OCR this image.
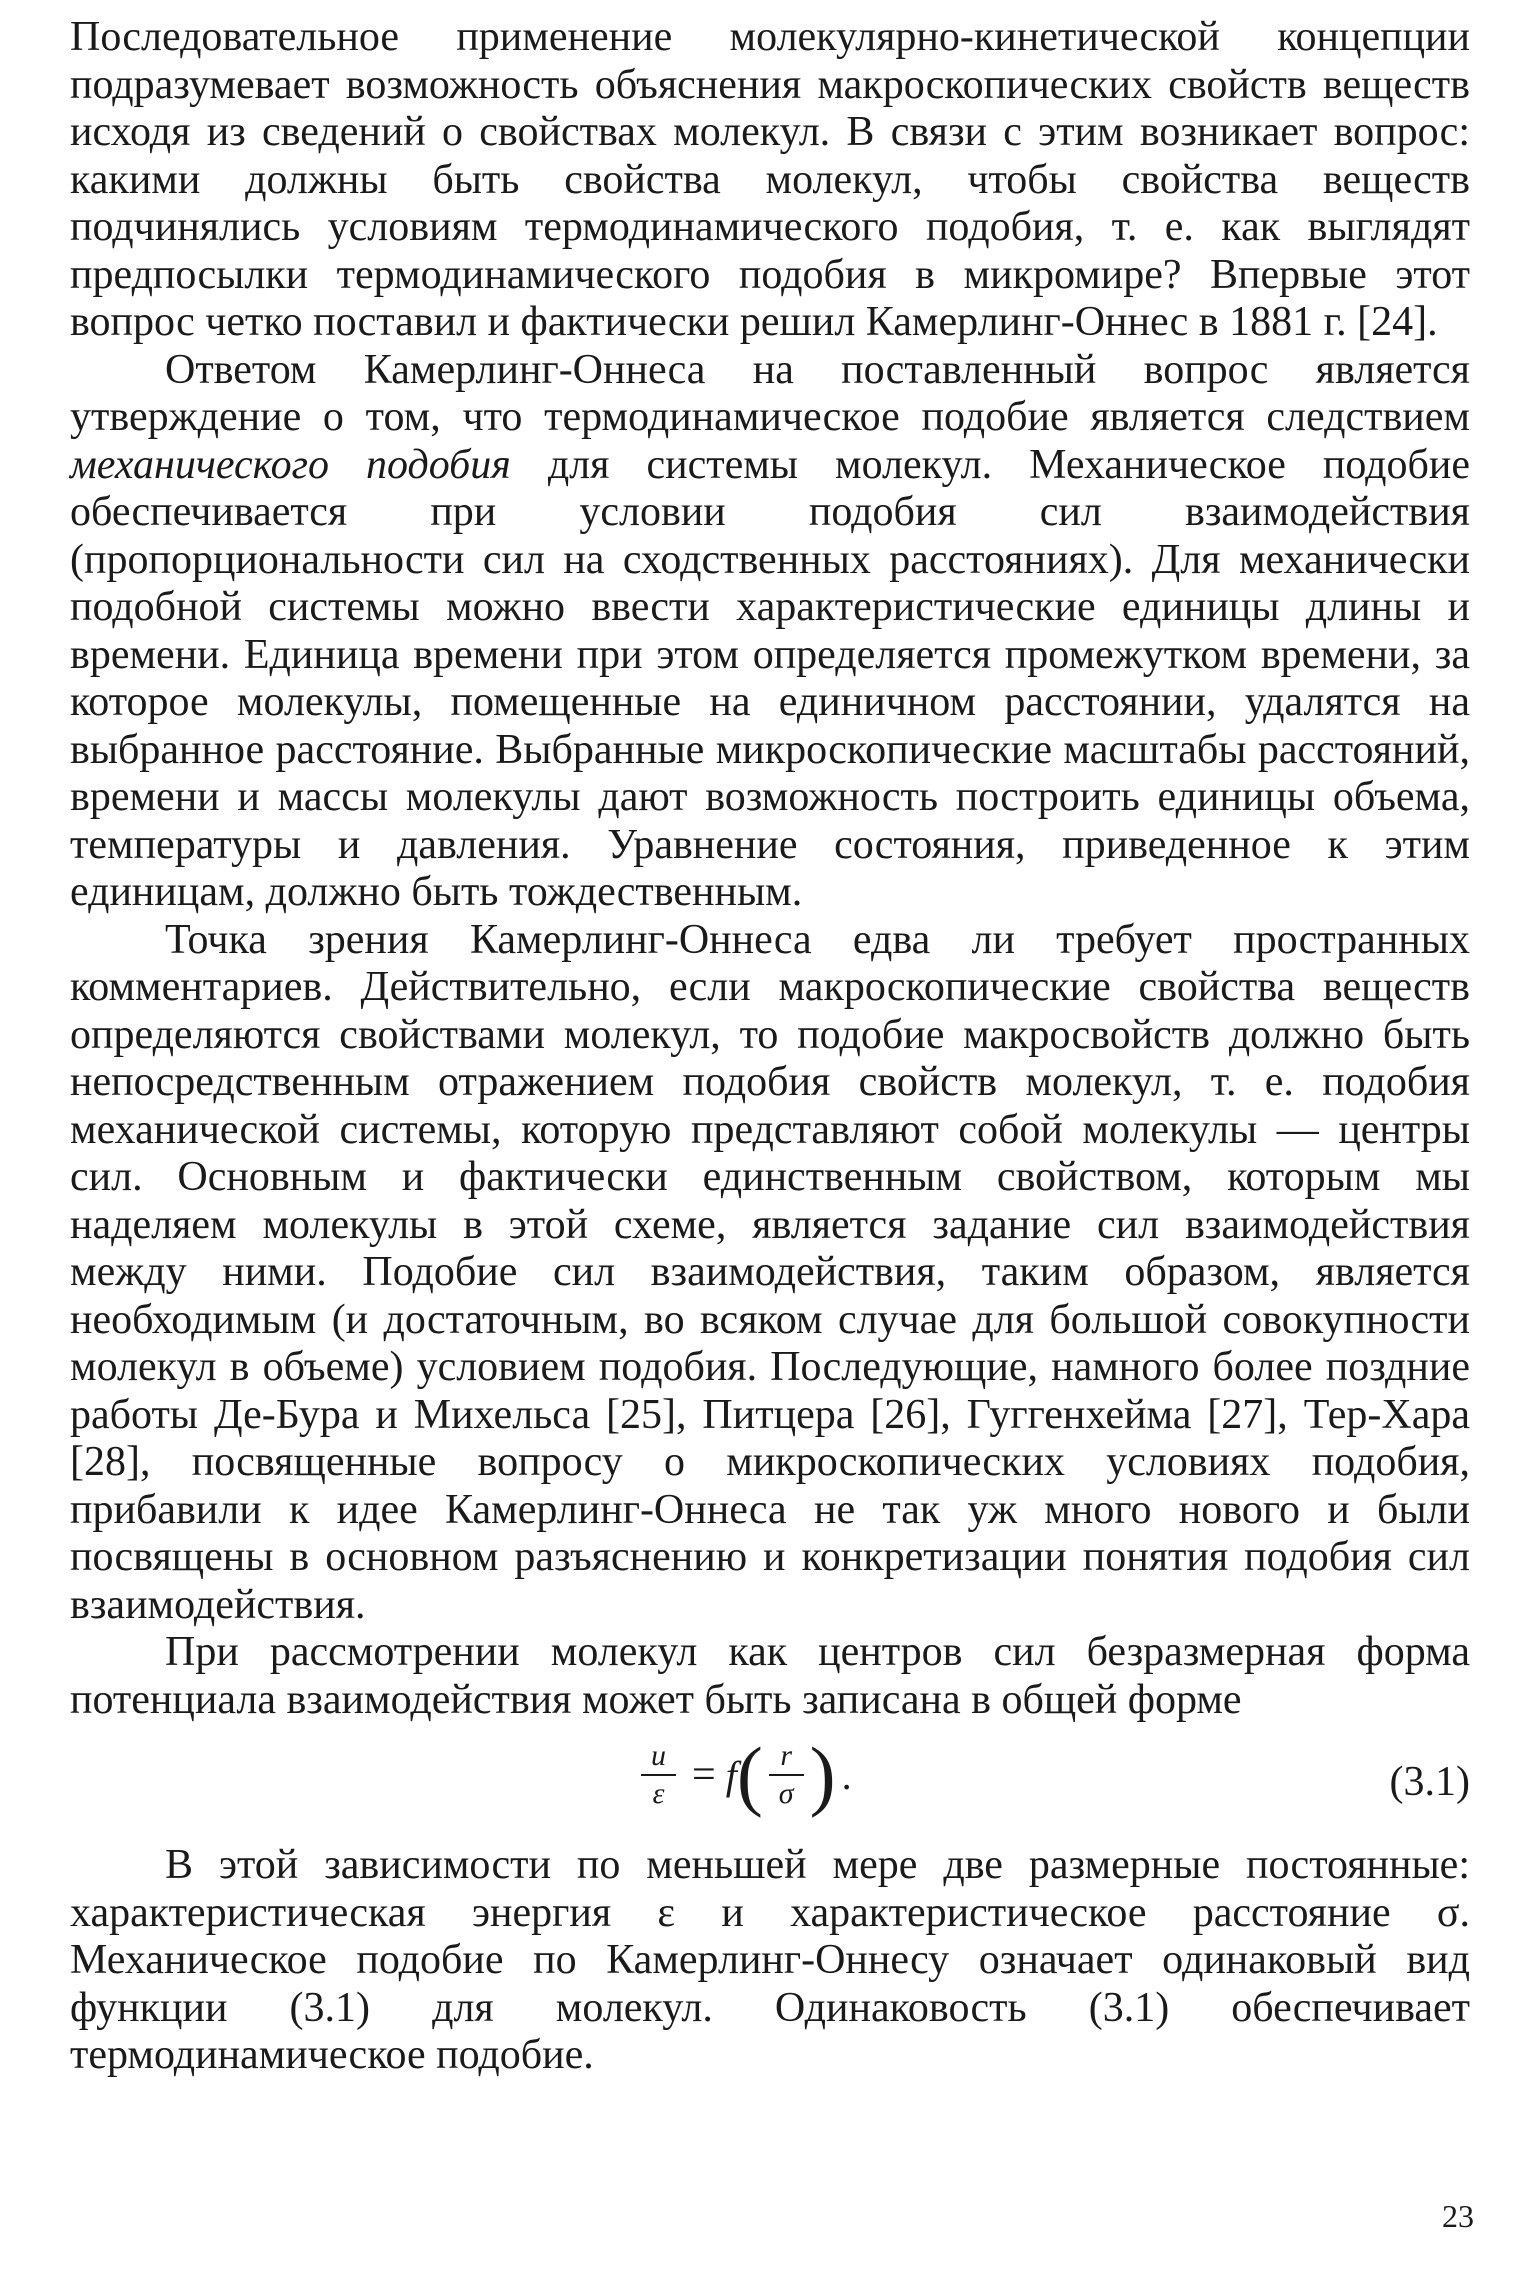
Последовательное применение молекулярно-кинетической концепции подразумевает возможность объяснения макроскопических свойств веществ исходя из сведений о свойствах молекул. В связи с этим возникает вопрос: какими должны быть свойства молекул, чтобы свойства веществ подчинялись условиям термодинамического подобия, т. е. как выглядят предпосылки термодинамического подобия в микромире? Впервые этот вопрос четко поставил и фактически решил Камерлинг-Оннес в 1881 г. [24].

Ответом Камерлинг-Оннеса на поставленный вопрос является утверждение о том, что термодинамическое подобие является следствием механического подобия для системы молекул. Механическое подобие обеспечивается при условии подобия сил взаимодействия (пропорциональности сил на сходственных расстояниях). Для механически подобной системы можно ввести характеристические единицы длины и времени. Единица времени при этом определяется промежутком времени, за которое молекулы, помещенные на единичном расстоянии, удалятся на выбранное расстояние. Выбранные микроскопические масштабы расстояний, времени и массы молекулы дают возможность построить единицы объема, температуры и давления. Уравнение состояния, приведенное к этим единицам, должно быть тождественным.

Точка зрения Камерлинг-Оннеса едва ли требует пространных комментариев. Действительно, если макроскопические свойства веществ определяются свойствами молекул, то подобие макросвойств должно быть непосредственным отражением подобия свойств молекул, т. е. подобия механической системы, которую представляют собой молекулы — центры сил. Основным и фактически единственным свойством, которым мы наделяем молекулы в этой схеме, является задание сил взаимодействия между ними. Подобие сил взаимодействия, таким образом, является необходимым (и достаточным, во всяком случае для большой совокупности молекул в объеме) условием подобия. Последующие, намного более поздние работы Де-Бура и Михельса [25], Питцера [26], Гуггенхейма [27], Тер-Хара [28], посвященные вопросу о микроскопических условиях подобия, прибавили к идее Камерлинг-Оннеса не так уж много нового и были посвящены в основном разъяснению и конкретизации понятия подобия сил взаимодействия.

При рассмотрении молекул как центров сил безразмерная форма потенциала взаимодействия может быть записана в общей форме

$\frac{u}{\varepsilon} = f$ ( $\frac{r}{\sigma}$ ) .	(3.1)

В этой зависимости по меньшей мере две размерные постоянные: характеристическая энергия ε и характеристическое расстояние σ. Механическое подобие по Камерлинг-Оннесу означает одинаковый вид функции (3.1) для молекул. Одинаковость (3.1) обеспечивает термодинамическое подобие.

23
